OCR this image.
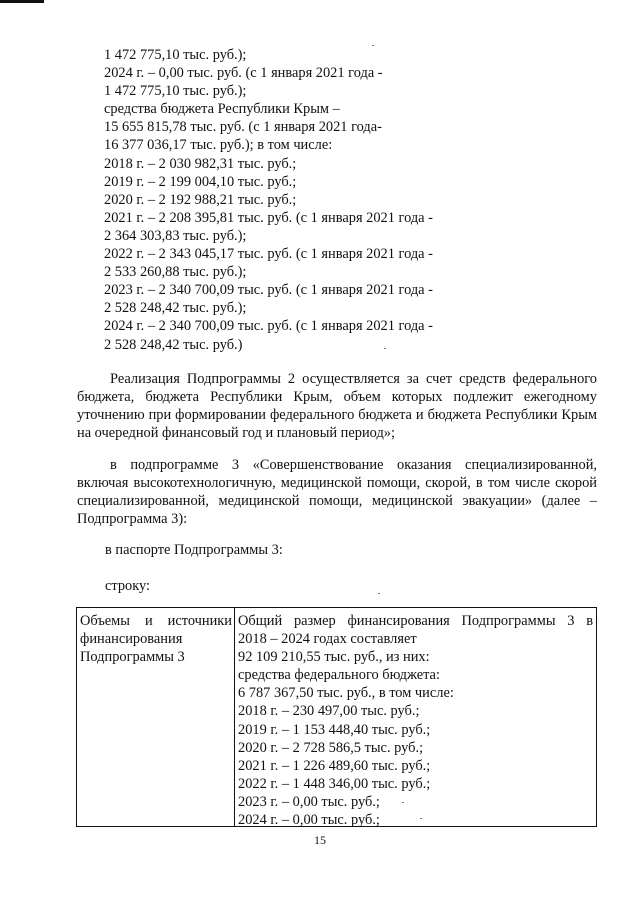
1 472 775,10 тыс. руб.);
2024 г. – 0,00 тыс. руб. (с 1 января 2021 года -
1 472 775,10 тыс. руб.);
средства бюджета Республики Крым –
15 655 815,78 тыс. руб. (с 1 января 2021 года-
16 377 036,17 тыс. руб.); в том числе:
2018 г. – 2 030 982,31 тыс. руб.;
2019 г. – 2 199 004,10 тыс. руб.;
2020 г. – 2 192 988,21 тыс. руб.;
2021 г. – 2 208 395,81 тыс. руб. (с 1 января 2021 года -
2 364 303,83 тыс. руб.);
2022 г. – 2 343 045,17 тыс. руб. (с 1 января 2021 года -
2 533 260,88 тыс. руб.);
2023 г. – 2 340 700,09 тыс. руб. (с 1 января 2021 года -
2 528 248,42 тыс. руб.);
2024 г. – 2 340 700,09 тыс. руб. (с 1 января 2021 года -
2 528 248,42 тыс. руб.)
Реализация Подпрограммы 2 осуществляется за счет средств федерального бюджета, бюджета Республики Крым, объем которых подлежит ежегодному уточнению при формировании федерального бюджета и бюджета Республики Крым на очередной финансовый год и плановый период»;
в подпрограмме 3 «Совершенствование оказания специализированной, включая высокотехнологичную, медицинской помощи, скорой, в том числе скорой специализированной, медицинской помощи, медицинской эвакуации» (далее – Подпрограмма 3):
в паспорте Подпрограммы 3:
строку:
Объемы и источники
финансирования
Подпрограммы 3
Общий размер финансирования Подпрограммы 3 в
2018 – 2024 годах составляет
92 109 210,55 тыс. руб., из них:
средства федерального бюджета:
6 787 367,50 тыс. руб., в том числе:
2018 г. – 230 497,00 тыс. руб.;
2019 г. – 1 153 448,40 тыс. руб.;
2020 г. – 2 728 586,5 тыс. руб.;
2021 г. – 1 226 489,60 тыс. руб.;
2022 г. – 1 448 346,00 тыс. руб.;
2023 г. – 0,00 тыс. руб.;
2024 г. – 0,00 тыс. руб.;
15
